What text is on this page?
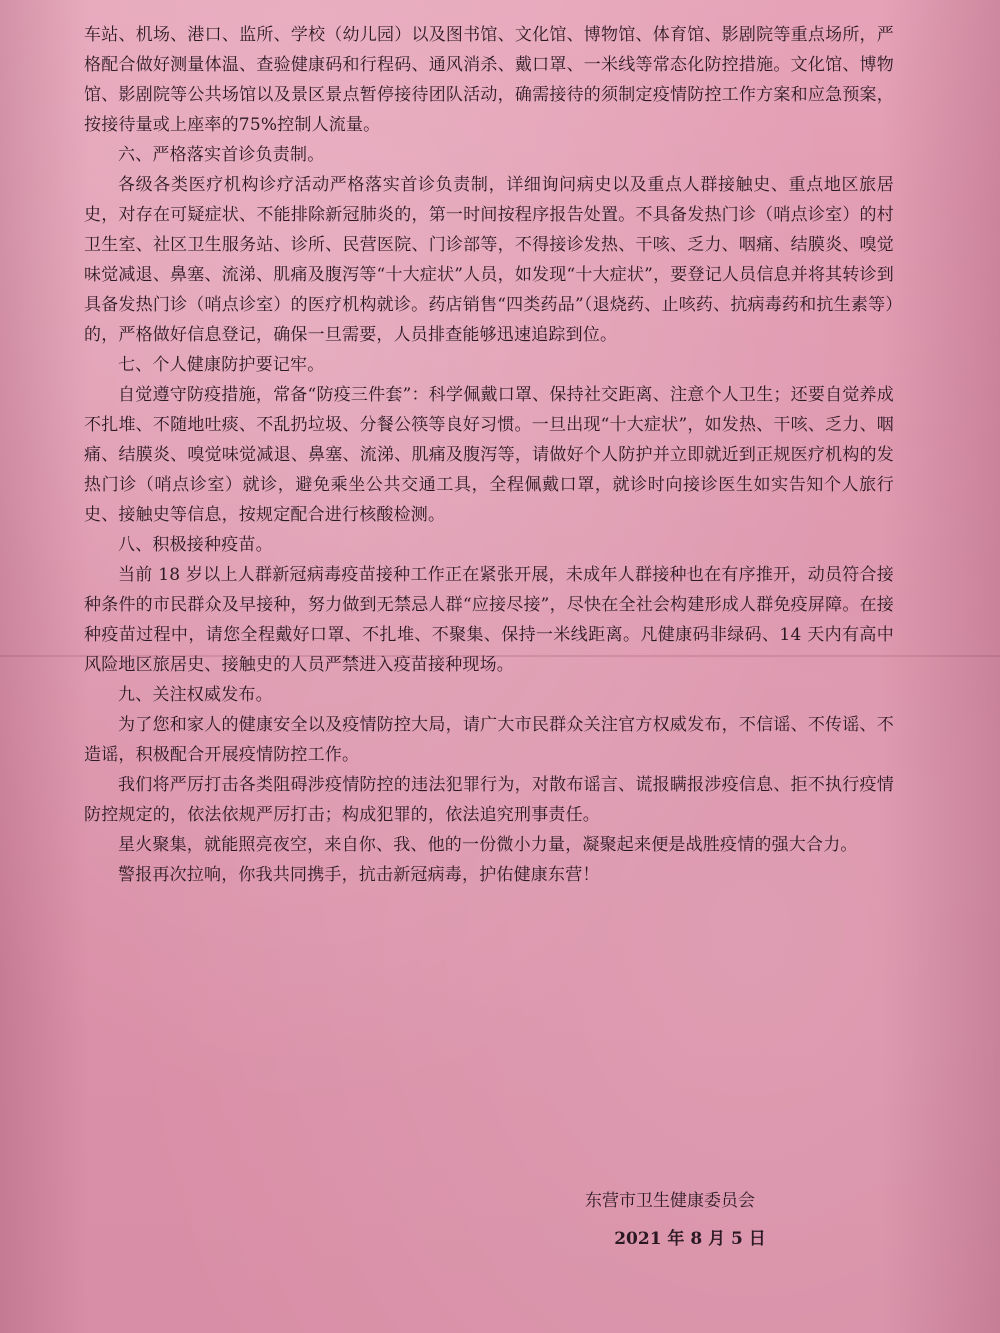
车站、机场、港口、监所、学校（幼儿园）以及图书馆、文化馆、博物馆、体育馆、影剧院等重点场所，严格配合做好测量体温、查验健康码和行程码、通风消杀、戴口罩、一米线等常态化防控措施。文化馆、博物馆、影剧院等公共场馆以及景区景点暂停接待团队活动，确需接待的须制定疫情防控工作方案和应急预案，按接待量或上座率的75%控制人流量。

六、严格落实首诊负责制。

各级各类医疗机构诊疗活动严格落实首诊负责制，详细询问病史以及重点人群接触史、重点地区旅居史，对存在可疑症状、不能排除新冠肺炎的，第一时间按程序报告处置。不具备发热门诊（哨点诊室）的村卫生室、社区卫生服务站、诊所、民营医院、门诊部等，不得接诊发热、干咳、乏力、咽痛、结膜炎、嗅觉味觉减退、鼻塞、流涕、肌痛及腹泻等“十大症状”人员，如发现“十大症状”，要登记人员信息并将其转诊到具备发热门诊（哨点诊室）的医疗机构就诊。药店销售“四类药品”（退烧药、止咳药、抗病毒药和抗生素等）的，严格做好信息登记，确保一旦需要，人员排查能够迅速追踪到位。

七、个人健康防护要记牢。

自觉遵守防疫措施，常备“防疫三件套”：科学佩戴口罩、保持社交距离、注意个人卫生；还要自觉养成不扎堆、不随地吐痰、不乱扔垃圾、分餐公筷等良好习惯。一旦出现“十大症状”，如发热、干咳、乏力、咽痛、结膜炎、嗅觉味觉减退、鼻塞、流涕、肌痛及腹泻等，请做好个人防护并立即就近到正规医疗机构的发热门诊（哨点诊室）就诊，避免乘坐公共交通工具，全程佩戴口罩，就诊时向接诊医生如实告知个人旅行史、接触史等信息，按规定配合进行核酸检测。

八、积极接种疫苗。

当前 18 岁以上人群新冠病毒疫苗接种工作正在紧张开展，未成年人群接种也在有序推开，动员符合接种条件的市民群众及早接种，努力做到无禁忌人群“应接尽接”，尽快在全社会构建形成人群免疫屏障。在接种疫苗过程中，请您全程戴好口罩、不扎堆、不聚集、保持一米线距离。凡健康码非绿码、14 天内有高中风险地区旅居史、接触史的人员严禁进入疫苗接种现场。

九、关注权威发布。

为了您和家人的健康安全以及疫情防控大局，请广大市民群众关注官方权威发布，不信谣、不传谣、不造谣，积极配合开展疫情防控工作。

我们将严厉打击各类阻碍涉疫情防控的违法犯罪行为，对散布谣言、谎报瞒报涉疫信息、拒不执行疫情防控规定的，依法依规严厉打击；构成犯罪的，依法追究刑事责任。

星火聚集，就能照亮夜空，来自你、我、他的一份微小力量，凝聚起来便是战胜疫情的强大合力。

警报再次拉响，你我共同携手，抗击新冠病毒，护佑健康东营！

东营市卫生健康委员会
2021 年 8 月 5 日
